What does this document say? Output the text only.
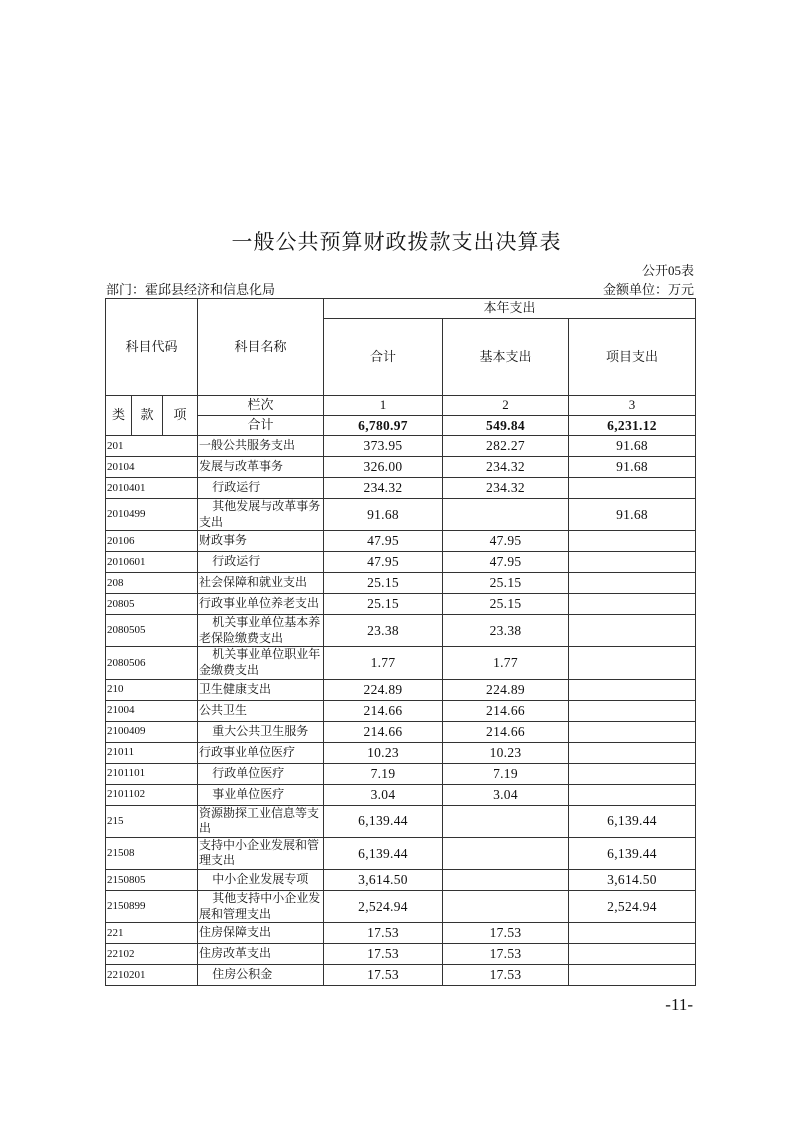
一般公共预算财政拨款支出决算表
公开05表
部门：霍邱县经济和信息化局	金额单位：万元
科目代码			科目名称	本年支出		
				合计	基本支出	项目支出
类	款	项	栏次	1	2	3
			合计	6,780.97	549.84	6,231.12
201			一般公共服务支出	373.95	282.27	91.68
20104			发展与改革事务	326.00	234.32	91.68
2010401			行政运行	234.32	234.32	
2010499			其他发展与改革事务支出	91.68		91.68
20106			财政事务	47.95	47.95	
2010601			行政运行	47.95	47.95	
208			社会保障和就业支出	25.15	25.15	
20805			行政事业单位养老支出	25.15	25.15	
2080505			机关事业单位基本养老保险缴费支出	23.38	23.38	
2080506			机关事业单位职业年金缴费支出	1.77	1.77	
210			卫生健康支出	224.89	224.89	
21004			公共卫生	214.66	214.66	
2100409			重大公共卫生服务	214.66	214.66	
21011			行政事业单位医疗	10.23	10.23	
2101101			行政单位医疗	7.19	7.19	
2101102			事业单位医疗	3.04	3.04	
215			资源勘探工业信息等支出	6,139.44		6,139.44
21508			支持中小企业发展和管理支出	6,139.44		6,139.44
2150805			中小企业发展专项	3,614.50		3,614.50
2150899			其他支持中小企业发展和管理支出	2,524.94		2,524.94
221			住房保障支出	17.53	17.53	
22102			住房改革支出	17.53	17.53	
2210201			住房公积金	17.53	17.53	
-11-
